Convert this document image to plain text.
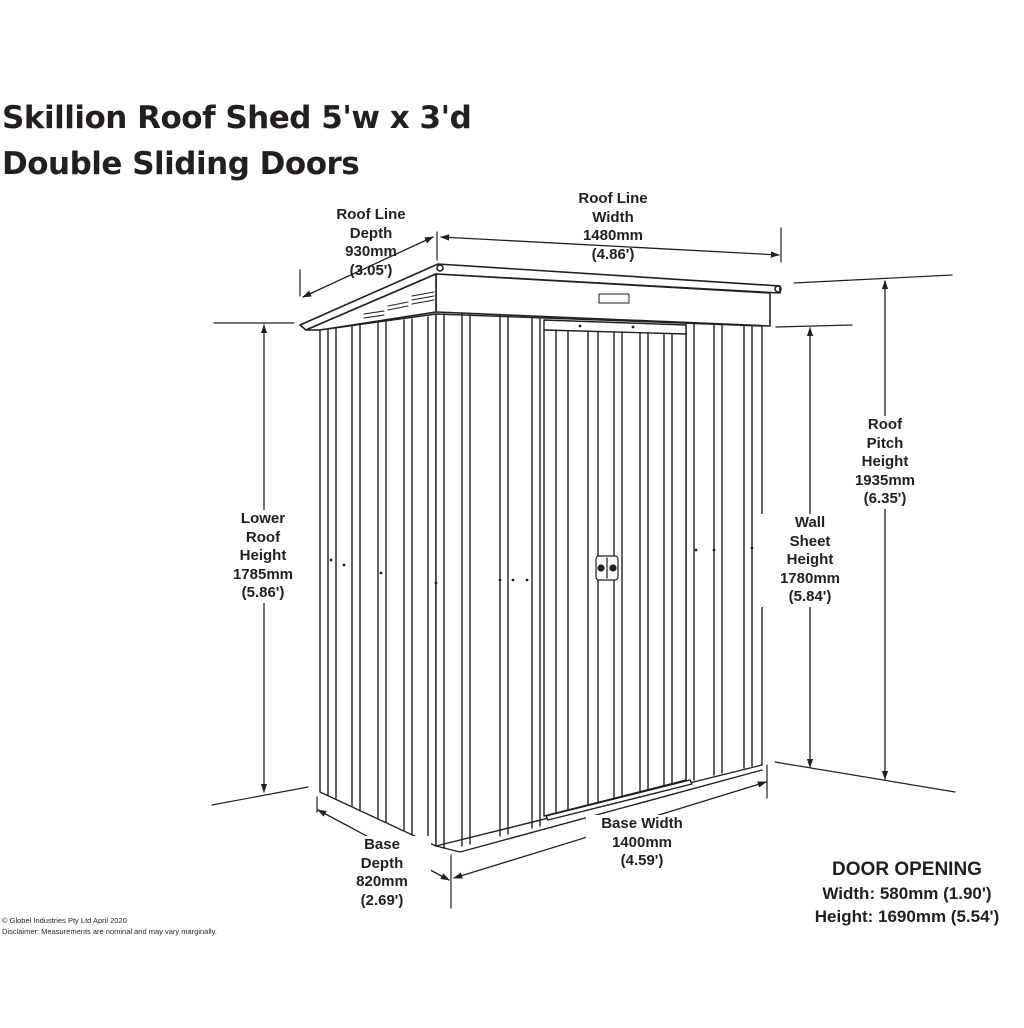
Skillion Roof Shed 5'w x 3'd
Double Sliding Doors
Roof Line
Depth
930mm
(3.05')
Roof Line
Width
1480mm
(4.86')
Roof
Pitch
Height
1935mm
(6.35')
Lower
Roof
Height
1785mm
(5.86')
Wall
Sheet
Height
1780mm
(5.84')
Base
Depth
820mm
(2.69')
Base Width
1400mm
(4.59')	DOOR OPENING
Width: 580mm (1.90')
Height: 1690mm (5.54')
© Globel Industries Pty Ltd April 2020
Disclaimer: Measurements are nominal and may vary marginally.
